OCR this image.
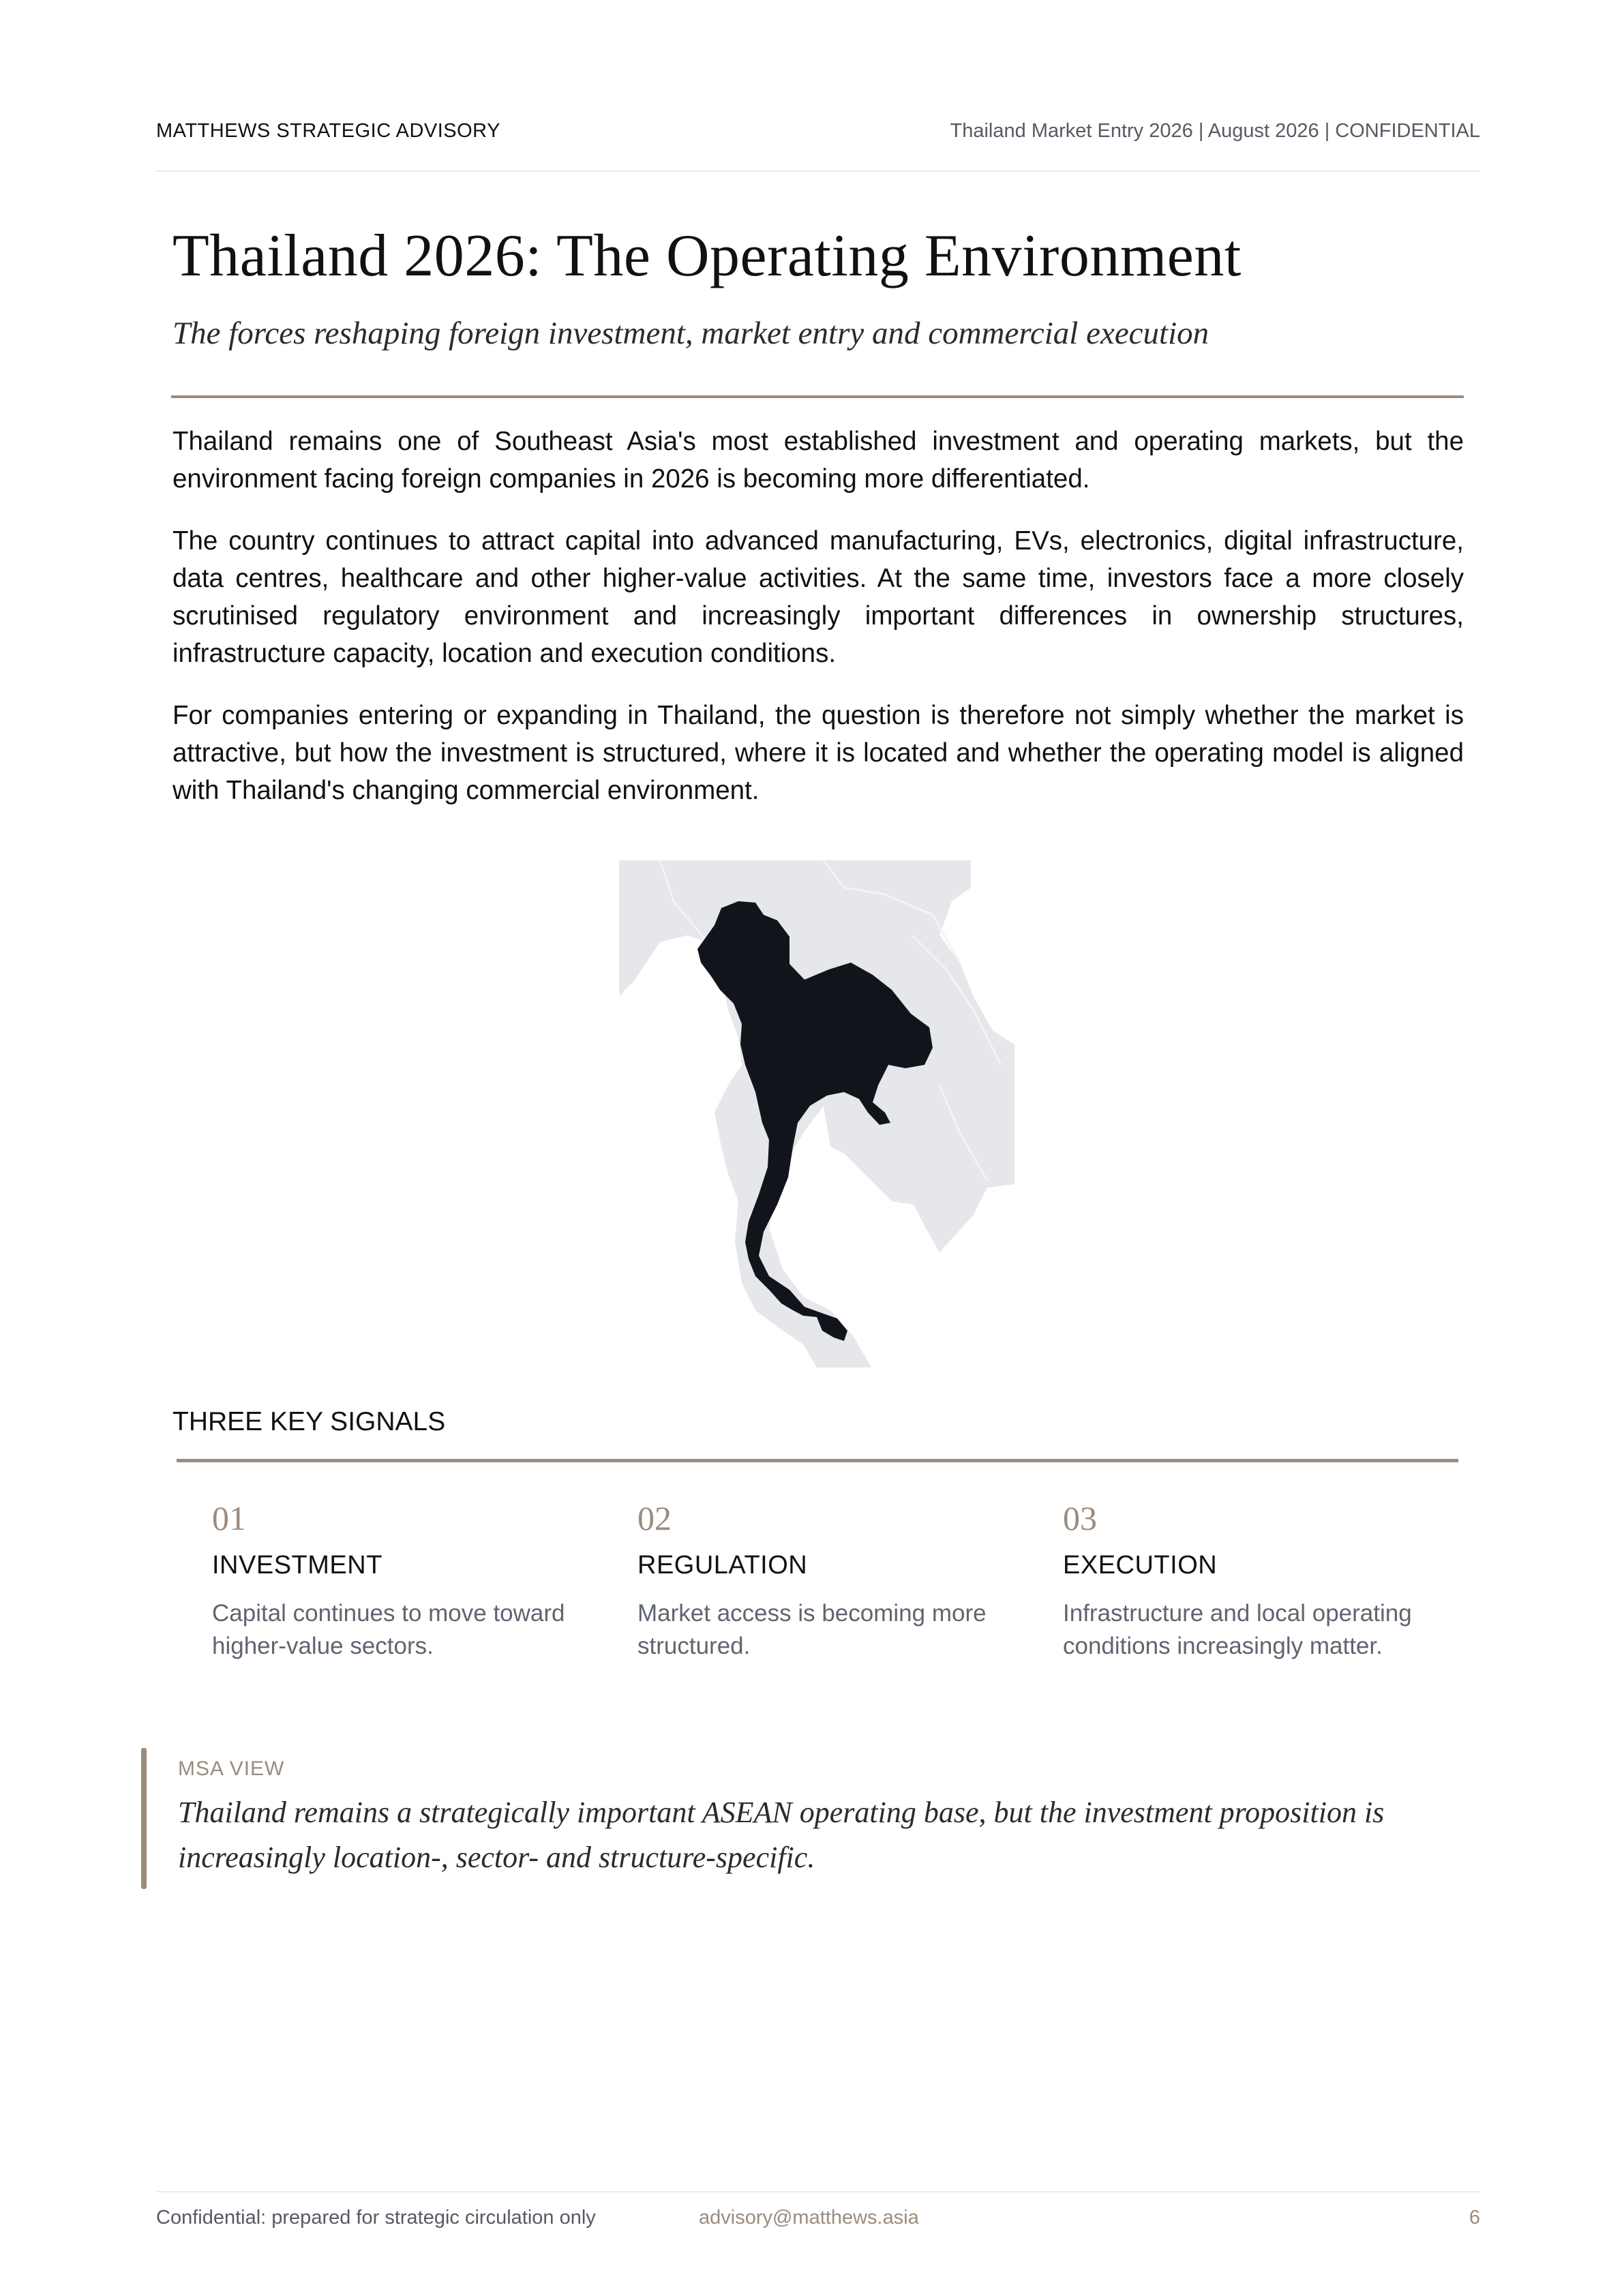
MATTHEWS STRATEGIC ADVISORY	Thailand Market Entry 2026 | August 2026 | CONFIDENTIAL
Thailand 2026: The Operating Environment
The forces reshaping foreign investment, market entry and commercial execution

Thailand remains one of Southeast Asia's most established investment and operating markets, but the environment facing foreign companies in 2026 is becoming more differentiated.

The country continues to attract capital into advanced manufacturing, EVs, electronics, digital infrastructure, data centres, healthcare and other higher-value activities. At the same time, investors face a more closely scrutinised regulatory environment and increasingly important differences in ownership structures, infrastructure capacity, location and execution conditions.

For companies entering or expanding in Thailand, the question is therefore not simply whether the market is attractive, but how the investment is structured, where it is located and whether the operating model is aligned with Thailand's changing commercial environment.

THREE KEY SIGNALS
01
INVESTMENT
Capital continues to move toward higher-value sectors.
02
REGULATION
Market access is becoming more structured.
03
EXECUTION
Infrastructure and local operating conditions increasingly matter.
MSA VIEW
Thailand remains a strategically important ASEAN operating base, but the investment proposition is increasingly location-, sector- and structure-specific.
Confidential: prepared for strategic circulation only	advisory@matthews.asia	6
